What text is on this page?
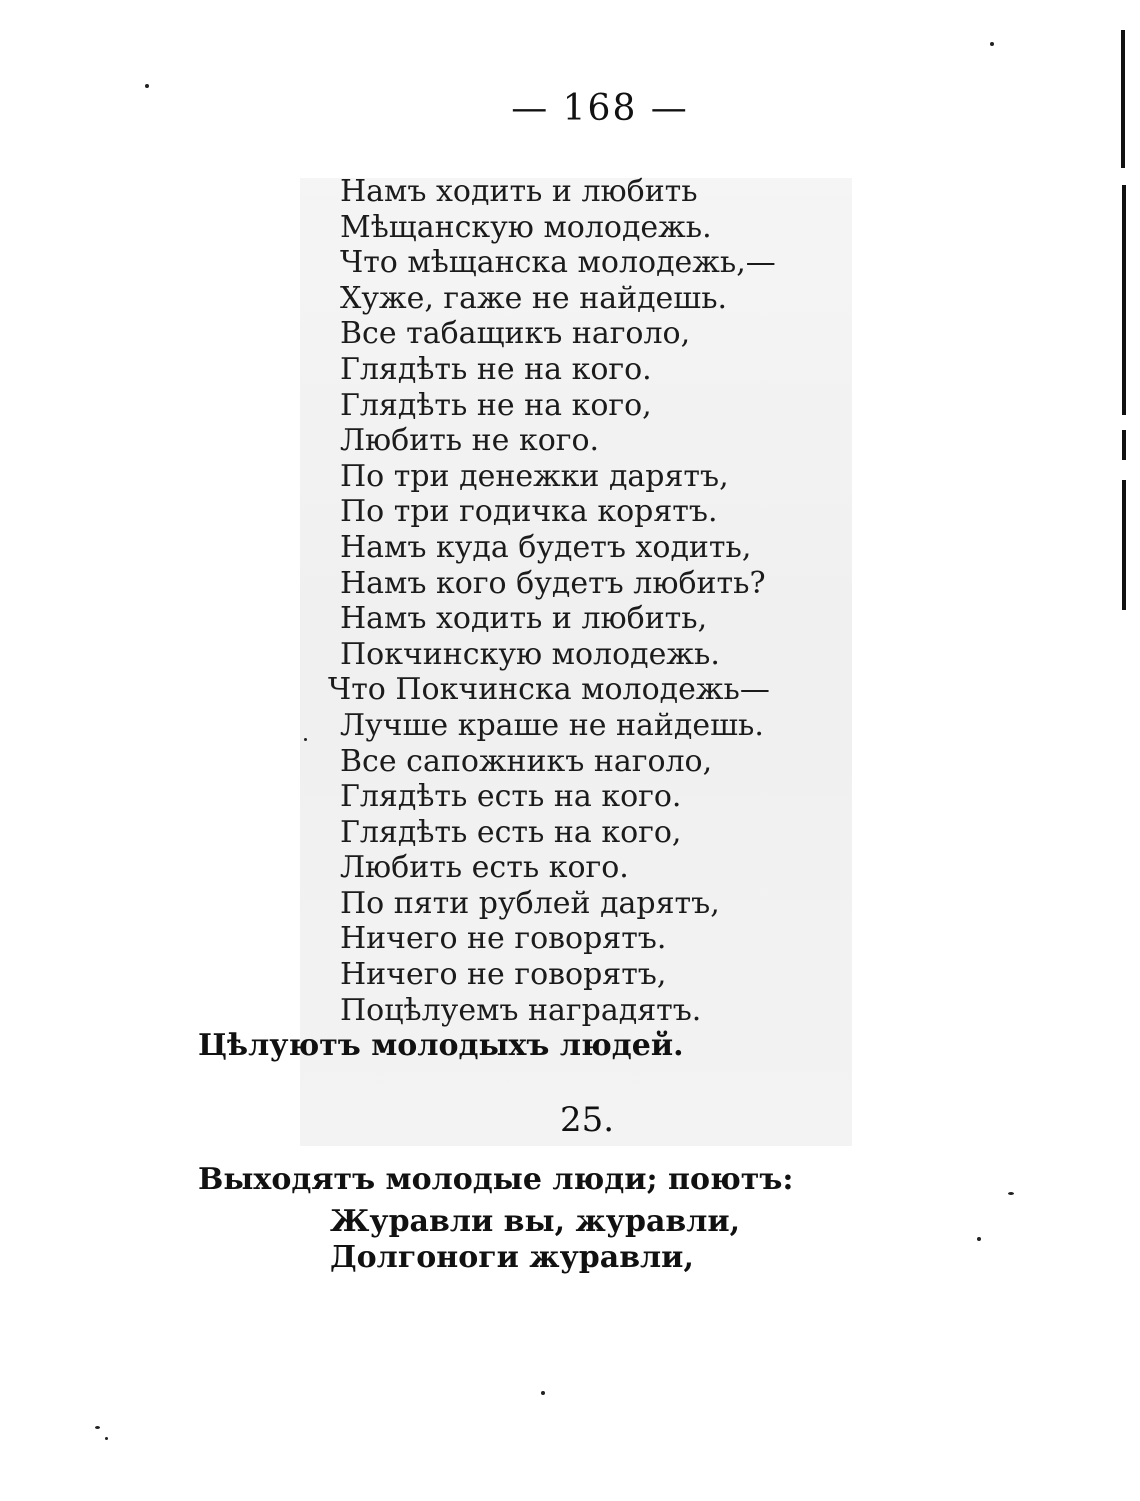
— 168 —
Намъ ходить и любить
Мѣщанскую молодежь.
Что мѣщанска молодежь,—
Хуже, гаже не найдешь.
Все табащикъ наголо,
Глядѣть не на кого.
Глядѣть не на кого,
Любить не кого.
По три денежки дарятъ,
По три годичка корятъ.
Намъ куда будетъ ходить,
Намъ кого будетъ любить?
Намъ ходить и любить,
Покчинскую молодежь.
Что Покчинска молодежь—
Лучше краше не найдешь.
Все сапожникъ наголо,
Глядѣть есть на кого.
Глядѣть есть на кого,
Любить есть кого.
По пяти рублей дарятъ,
Ничего не говорятъ.
Ничего не говорятъ,
Поцѣлуемъ наградятъ.
Цѣлуютъ молодыхъ людей.
25.
Выходятъ молодые люди; поютъ:
Журавли вы, журавли,
Долгоноги журавли,
